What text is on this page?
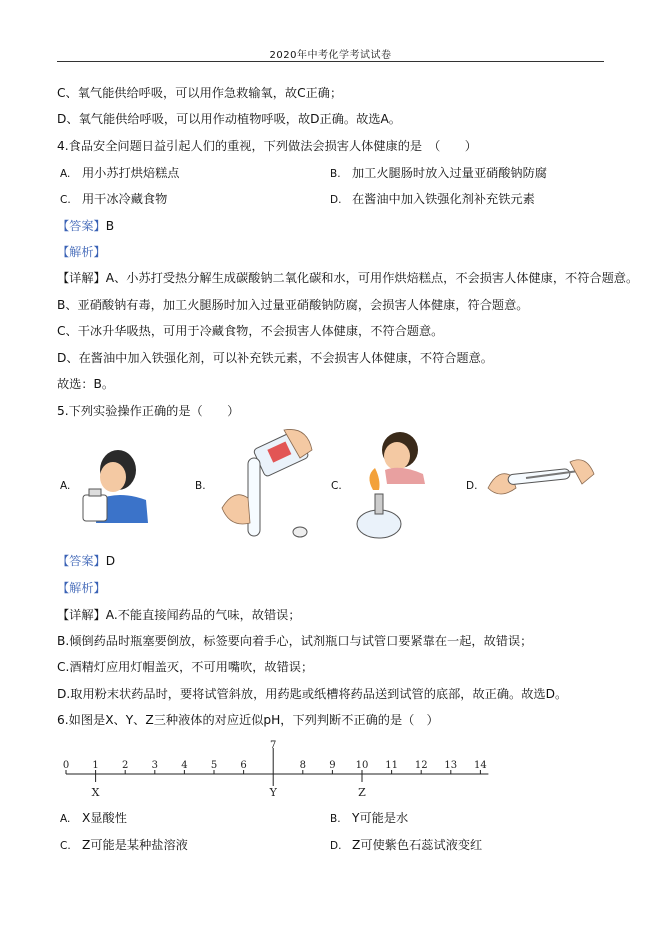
2020年中考化学考试试卷
C、氧气能供给呼吸，可以用作急救输氧，故C正确；
D、氧气能供给呼吸，可以用作动植物呼吸，故D正确。故选A。
4.食品安全问题日益引起人们的重视，下列做法会损害人体健康的是　（　　）
A. 用小苏打烘焙糕点	B. 加工火腿肠时放入过量亚硝酸钠防腐
C. 用干冰冷藏食物	D. 在酱油中加入铁强化剂补充铁元素
【答案】B
【解析】
【详解】A、小苏打受热分解生成碳酸钠二氧化碳和水，可用作烘焙糕点，不会损害人体健康，不符合题意。
B、亚硝酸钠有毒，加工火腿肠时加入过量亚硝酸钠防腐，会损害人体健康，符合题意。
C、干冰升华吸热，可用于冷藏食物，不会损害人体健康，不符合题意。
D、在酱油中加入铁强化剂，可以补充铁元素，不会损害人体健康，不符合题意。
故选：B。
5.下列实验操作正确的是（　　）
A.	B.	C.	D.
【答案】D
【解析】
【详解】A.不能直接闻药品的气味，故错误；
B.倾倒药品时瓶塞要倒放，标签要向着手心，试剂瓶口与试管口要紧靠在一起，故错误；
C.酒精灯应用灯帽盖灭，不可用嘴吹，故错误；
D.取用粉末状药品时，要将试管斜放，用药匙或纸槽将药品送到试管的底部，故正确。故选D。
6.如图是X、Y、Z三种液体的对应近似pH，下列判断不正确的是（　）
0 1 2 3 4 5 6
7
8 9 10 11 12 13 14
X	Y	Z
A. X显酸性	B. Y可能是水
C. Z可能是某种盐溶液	D. Z可使紫色石蕊试液变红
